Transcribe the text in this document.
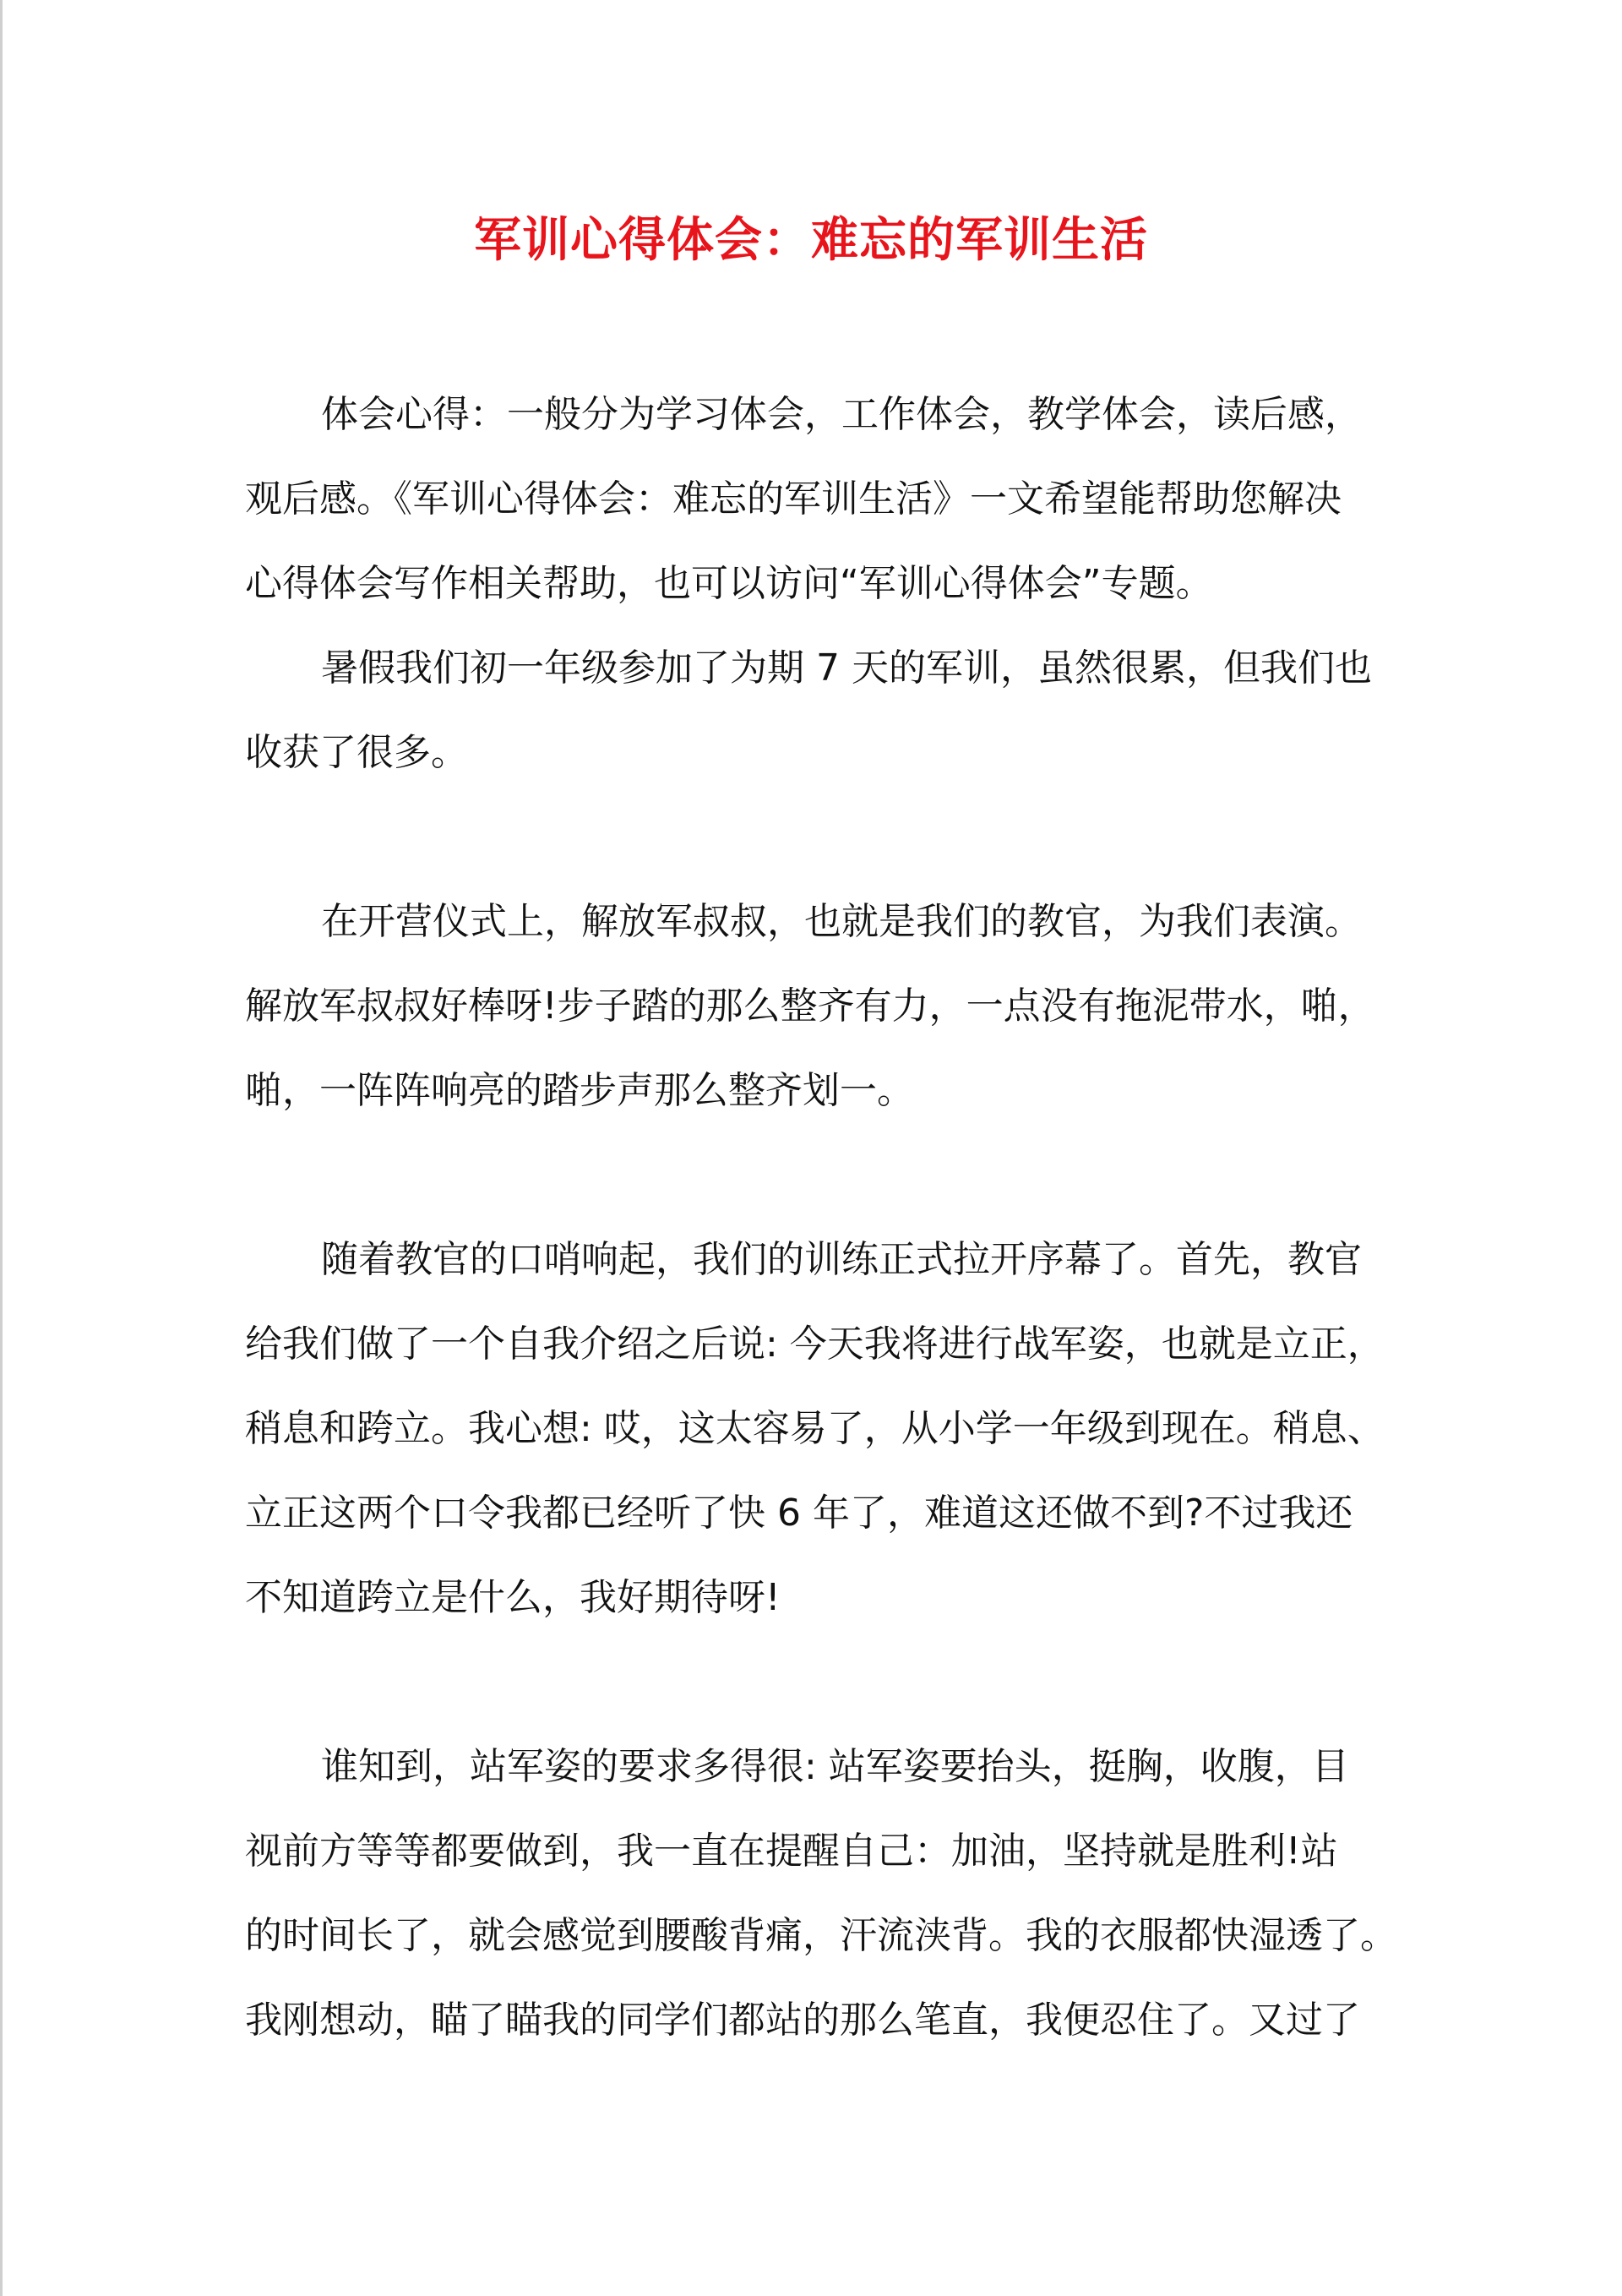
军训心得体会：难忘的军训生活
体会心得：一般分为学习体会，工作体会，教学体会，读后感，
观后感。《军训心得体会：难忘的军训生活》一文希望能帮助您解决
心得体会写作相关帮助，也可以访问“军训心得体会”专题。
暑假我们初一年级参加了为期 7 天的军训，虽然很累，但我们也
收获了很多。
在开营仪式上，解放军叔叔，也就是我们的教官，为我们表演。
解放军叔叔好棒呀!步子踏的那么整齐有力，一点没有拖泥带水，啪，
啪，一阵阵响亮的踏步声那么整齐划一。
随着教官的口哨响起，我们的训练正式拉开序幕了。首先，教官
给我们做了一个自我介绍之后说: 今天我将进行战军姿，也就是立正，
稍息和跨立。我心想: 哎，这太容易了，从小学一年级到现在。稍息、
立正这两个口令我都已经听了快 6 年了，难道这还做不到?不过我还
不知道跨立是什么，我好期待呀!
谁知到，站军姿的要求多得很: 站军姿要抬头，挺胸，收腹，目
视前方等等都要做到，我一直在提醒自己：加油，坚持就是胜利!站
的时间长了，就会感觉到腰酸背痛，汗流浃背。我的衣服都快湿透了。
我刚想动，瞄了瞄我的同学们都站的那么笔直，我便忍住了。又过了
